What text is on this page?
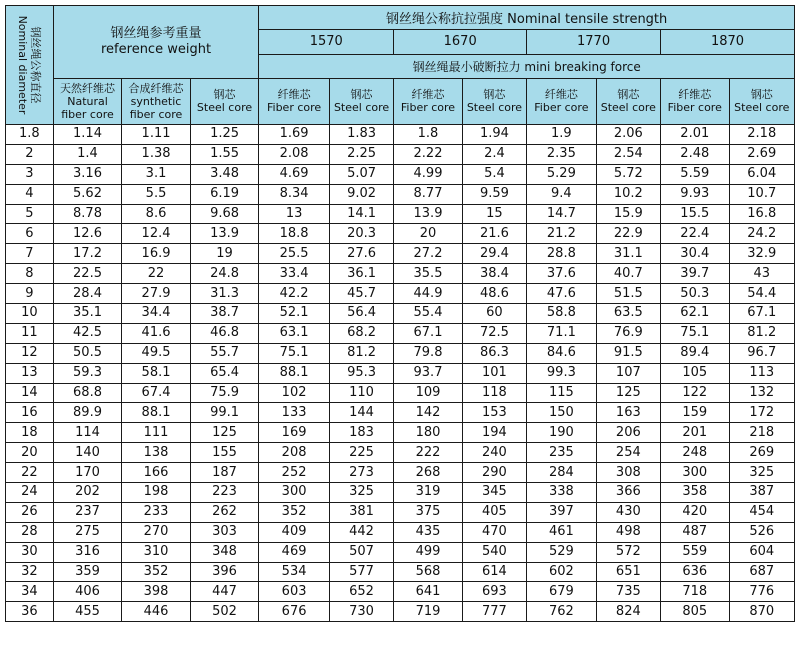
钢丝绳公称直径
Nominal diameter	钢丝绳参考重量
reference weight			钢丝绳公称抗拉强度 Nominal tensile strength							
				1570		1670		1770		1870	
				钢丝绳最小破断拉力 mini breaking force							

	天然纤维芯
Natural
fiber core	合成纤维芯
synthetic
fiber core	钢芯
Steel core	纤维芯
Fiber core	钢芯
Steel core	纤维芯
Fiber core	钢芯
Steel core	纤维芯
Fiber core	钢芯
Steel core	纤维芯
Fiber core	钢芯
Steel core

1.8	1.14	1.11	1.25	1.69	1.83	1.8	1.94	1.9	2.06	2.01	2.18
2	1.4	1.38	1.55	2.08	2.25	2.22	2.4	2.35	2.54	2.48	2.69
3	3.16	3.1	3.48	4.69	5.07	4.99	5.4	5.29	5.72	5.59	6.04
4	5.62	5.5	6.19	8.34	9.02	8.77	9.59	9.4	10.2	9.93	10.7
5	8.78	8.6	9.68	13	14.1	13.9	15	14.7	15.9	15.5	16.8
6	12.6	12.4	13.9	18.8	20.3	20	21.6	21.2	22.9	22.4	24.2
7	17.2	16.9	19	25.5	27.6	27.2	29.4	28.8	31.1	30.4	32.9
8	22.5	22	24.8	33.4	36.1	35.5	38.4	37.6	40.7	39.7	43
9	28.4	27.9	31.3	42.2	45.7	44.9	48.6	47.6	51.5	50.3	54.4
10	35.1	34.4	38.7	52.1	56.4	55.4	60	58.8	63.5	62.1	67.1
11	42.5	41.6	46.8	63.1	68.2	67.1	72.5	71.1	76.9	75.1	81.2
12	50.5	49.5	55.7	75.1	81.2	79.8	86.3	84.6	91.5	89.4	96.7
13	59.3	58.1	65.4	88.1	95.3	93.7	101	99.3	107	105	113
14	68.8	67.4	75.9	102	110	109	118	115	125	122	132
16	89.9	88.1	99.1	133	144	142	153	150	163	159	172
18	114	111	125	169	183	180	194	190	206	201	218
20	140	138	155	208	225	222	240	235	254	248	269
22	170	166	187	252	273	268	290	284	308	300	325
24	202	198	223	300	325	319	345	338	366	358	387
26	237	233	262	352	381	375	405	397	430	420	454
28	275	270	303	409	442	435	470	461	498	487	526
30	316	310	348	469	507	499	540	529	572	559	604
32	359	352	396	534	577	568	614	602	651	636	687
34	406	398	447	603	652	641	693	679	735	718	776
36	455	446	502	676	730	719	777	762	824	805	870
